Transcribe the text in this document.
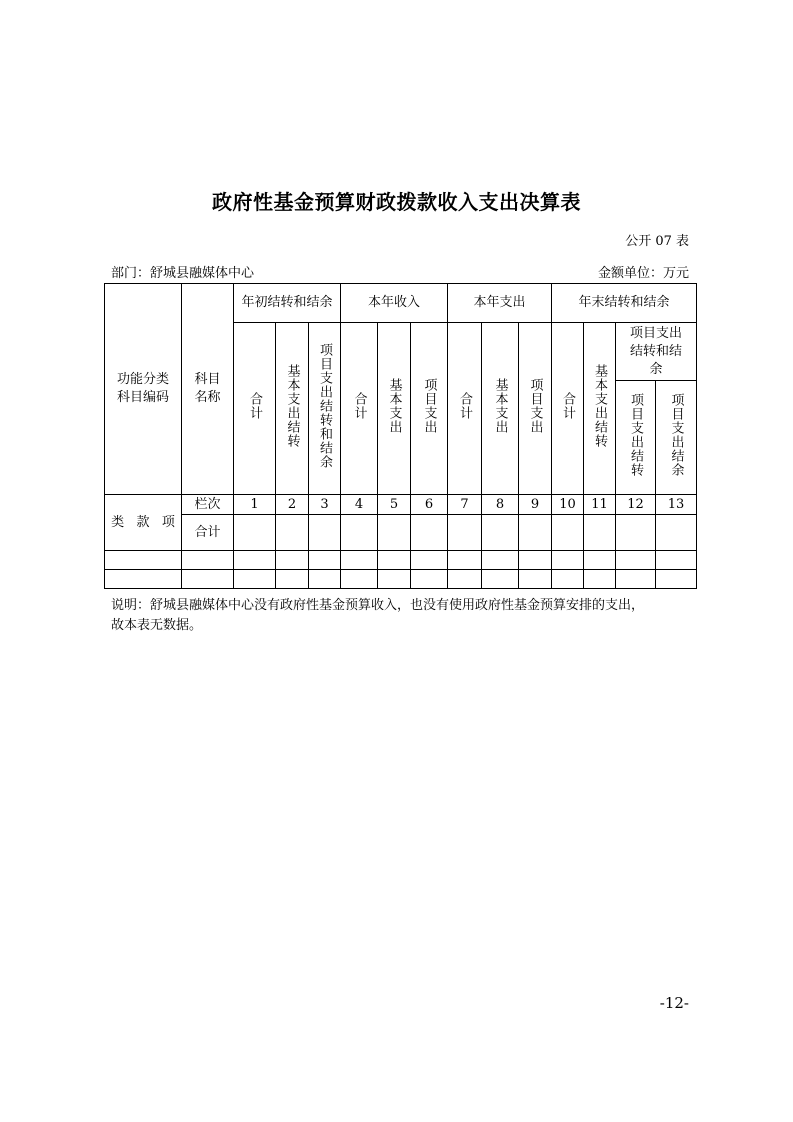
政府性基金预算财政拨款收入支出决算表
公开 07 表
部门：舒城县融媒体中心	金额单位：万元
功能分类科目编码	科目名称	年初结转和结余			本年收入			本年支出			年末结转和结余			
		合计	基本支出结转	项目支出结转和结余	合计	基本支出	项目支出	合计	基本支出	项目支出	合计	基本支出结转	项目支出结转和结余	
													项目支出结转	项目支出结余

类 款 项	栏次	1	2	3	4	5	6	7	8	9	10	11	12	13
	合计													

说明：舒城县融媒体中心没有政府性基金预算收入，也没有使用政府性基金预算安排的支出，
故本表无数据。
-12-
